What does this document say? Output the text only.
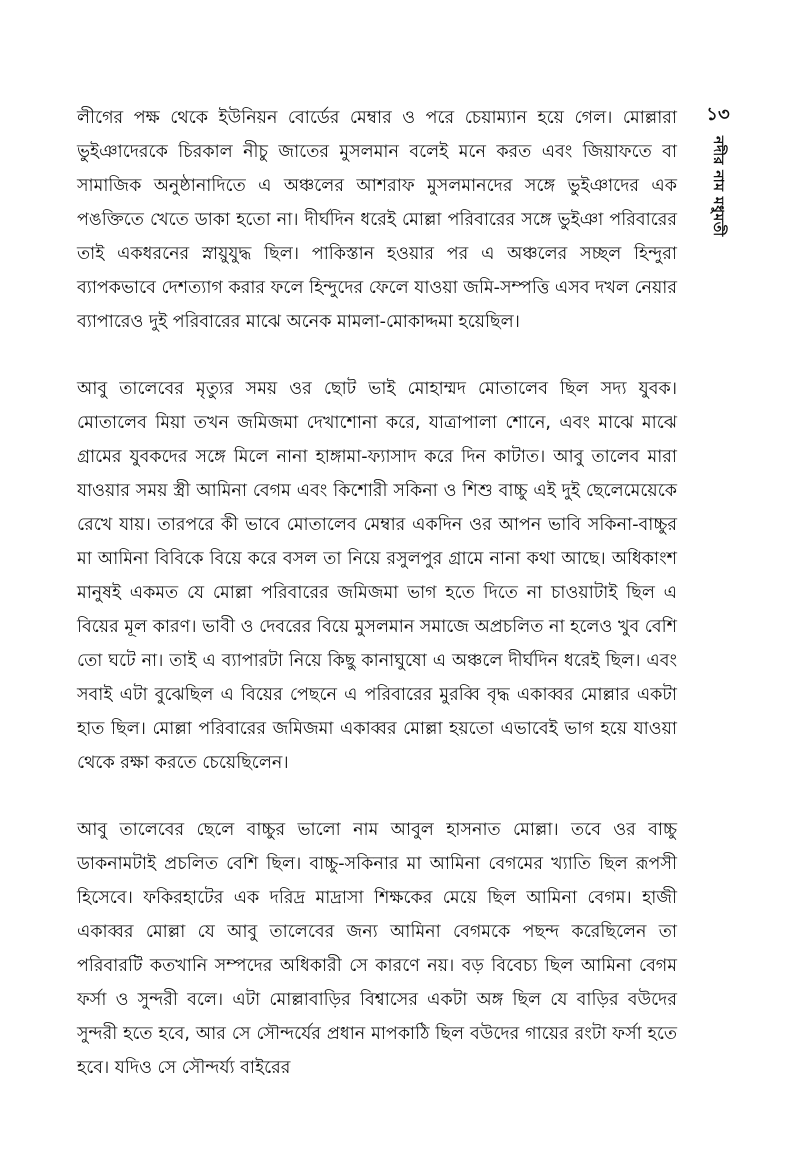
লীগের পক্ষ থেকে ইউনিয়ন বোর্ডের মেম্বার ও পরে চেয়াম্যান হয়ে গেল। মোল্লারা ভুইঞাদেরকে চিরকাল নীচু জাতের মুসলমান বলেই মনে করত এবং জিয়াফতে বা সামাজিক অনুষ্ঠানাদিতে এ অঞ্চলের আশরাফ মুসলমানদের সঙ্গে ভুইঞাদের এক পঙক্তিতে খেতে ডাকা হতো না। দীর্ঘদিন ধরেই মোল্লা পরিবারের সঙ্গে ভুইঞা পরিবারের তাই একধরনের স্নায়ুযুদ্ধ ছিল। পাকিস্তান হওয়ার পর এ অঞ্চলের সচ্ছল হিন্দুরা ব্যাপকভাবে দেশত্যাগ করার ফলে হিন্দুদের ফেলে যাওয়া জমি-সম্পত্তি এসব দখল নেয়ার ব্যাপারেও দুই পরিবারের মাঝে অনেক মামলা-মোকাদ্দমা হয়েছিল।

আবু তালেবের মৃত্যুর সময় ওর ছোট ভাই মোহাম্মদ মোতালেব ছিল সদ্য যুবক। মোতালেব মিয়া তখন জমিজমা দেখাশোনা করে, যাত্রাপালা শোনে, এবং মাঝে মাঝে গ্রামের যুবকদের সঙ্গে মিলে নানা হাঙ্গামা-ফ্যাসাদ করে দিন কাটাত। আবু তালেব মারা যাওয়ার সময় স্ত্রী আমিনা বেগম এবং কিশোরী সকিনা ও শিশু বাচ্চু এই দুই ছেলেমেয়েকে রেখে যায়। তারপরে কী ভাবে মোতালেব মেম্বার একদিন ওর আপন ভাবি সকিনা-বাচ্চুর মা আমিনা বিবিকে বিয়ে করে বসল তা নিয়ে রসুলপুর গ্রামে নানা কথা আছে। অধিকাংশ মানুষই একমত যে মোল্লা পরিবারের জমিজমা ভাগ হতে দিতে না চাওয়াটাই ছিল এ বিয়ের মূল কারণ। ভাবী ও দেবরের বিয়ে মুসলমান সমাজে অপ্রচলিত না হলেও খুব বেশি তো ঘটে না। তাই এ ব্যাপারটা নিয়ে কিছু কানাঘুষো এ অঞ্চলে দীর্ঘদিন ধরেই ছিল। এবং সবাই এটা বুঝেছিল এ বিয়ের পেছনে এ পরিবারের মুরব্বি বৃদ্ধ একাব্বর মোল্লার একটা হাত ছিল। মোল্লা পরিবারের জমিজমা একাব্বর মোল্লা হয়তো এভাবেই ভাগ হয়ে যাওয়া থেকে রক্ষা করতে চেয়েছিলেন।

আবু তালেবের ছেলে বাচ্চুর ভালো নাম আবুল হাসনাত মোল্লা। তবে ওর বাচ্চু ডাকনামটাই প্রচলিত বেশি ছিল। বাচ্চু-সকিনার মা আমিনা বেগমের খ্যাতি ছিল রূপসী হিসেবে। ফকিরহাটের এক দরিদ্র মাদ্রাসা শিক্ষকের মেয়ে ছিল আমিনা বেগম। হাজী একাব্বর মোল্লা যে আবু তালেবের জন্য আমিনা বেগমকে পছন্দ করেছিলেন তা পরিবারটি কতখানি সম্পদের অধিকারী সে কারণে নয়। বড় বিবেচ্য ছিল আমিনা বেগম ফর্সা ও সুন্দরী বলে। এটা মোল্লাবাড়ির বিশ্বাসের একটা অঙ্গ ছিল যে বাড়ির বউদের সুন্দরী হতে হবে, আর সে সৌন্দর্যের প্রধান মাপকাঠি ছিল বউদের গায়ের রংটা ফর্সা হতে হবে। যদিও সে সৌন্দর্য্য বাইরের

১৩
নদীর নাম মধুমতী
